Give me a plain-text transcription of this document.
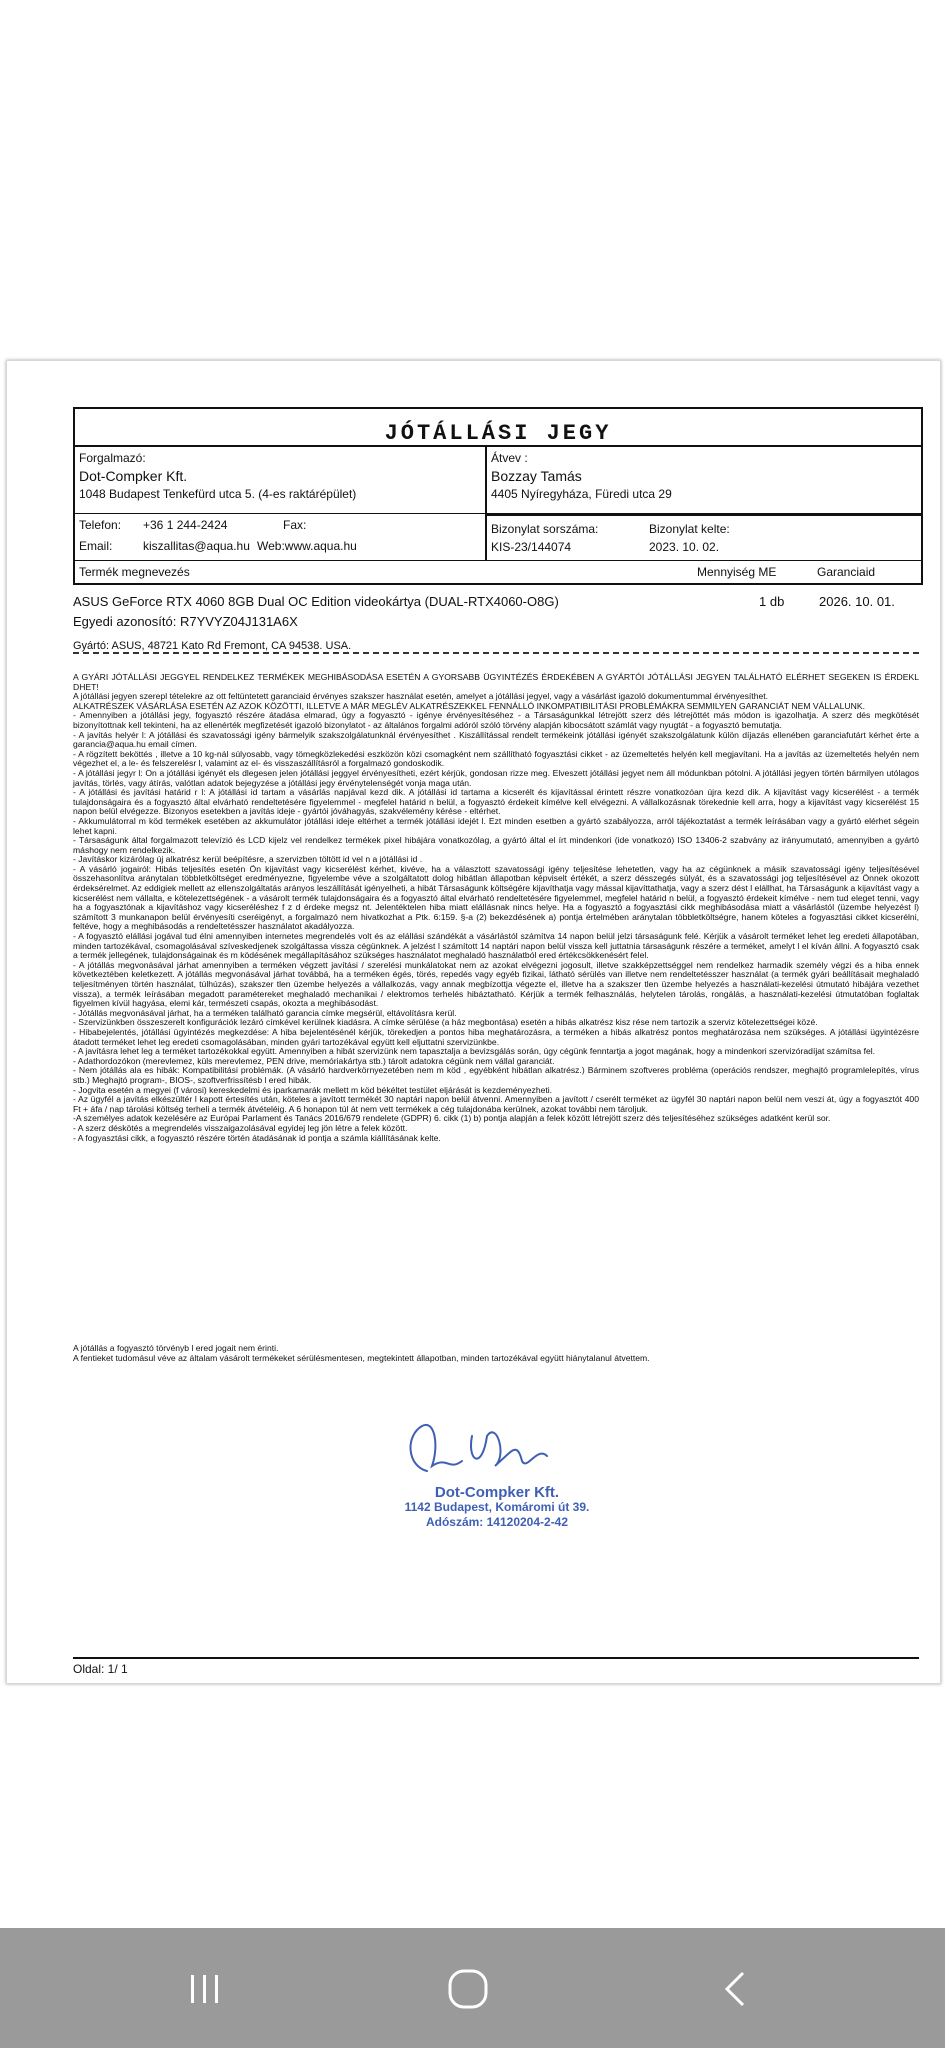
JÓTÁLLÁSI JEGY
Forgalmazó:
Dot-Compker Kft.
1048 Budapest Tenkefürd utca 5. (4-es raktárépület)
Átvev :
Bozzay Tamás
4405 Nyíregyháza, Füredi utca 29
Telefon:	+36 1 244-2424	Fax:
Email:	kiszallitas@aqua.hu Web:www.aqua.hu
Bizonylat sorszáma:
KIS-23/144074
Bizonylat kelte:
2023. 10. 02.
Termék megnevezés	Mennyiség ME	Garanciaid
ASUS GeForce RTX 4060 8GB Dual OC Edition videokártya (DUAL-RTX4060-O8G)	1 db	2026. 10. 01.
Egyedi azonosító: R7YVYZ04J131A6X
Gyártó: ASUS, 48721 Kato Rd Fremont, CA 94538. USA.

A GYÁRI JÓTÁLLÁSI JEGGYEL RENDELKEZ TERMÉKEK MEGHIBÁSODÁSA ESETÉN A GYORSABB ÜGYINTÉZÉS ÉRDEKÉBEN A GYÁRTÓI JÓTÁLLÁSI JEGYEN TALÁLHATÓ ELÉRHET SEGEKEN IS ÉRDEKL DHET!

A jótállási jegyen szerepl tételekre az ott feltüntetett garanciaid érvényes szakszer használat esetén, amelyet a jótállási jegyel, vagy a vásárlást igazoló dokumentummal érvényesíthet.

ALKATRÉSZEK VÁSÁRLÁSA ESETÉN AZ AZOK KÖZÖTTI, ILLETVE A MÁR MEGLÉV ALKATRÉSZEKKEL FENNÁLLÓ INKOMPATIBILITÁSI PROBLÉMÁKRA SEMMILYEN GARANCIÁT NEM VÁLLALUNK.

- Amennyiben a jótállási jegy, fogyasztó részére átadása elmarad, úgy a fogyasztó - igénye érvényesítéséhez - a Társaságunkkal létrejött szerz dés létrejöttét más módon is igazolhatja. A szerz dés megkötését bizonyítottnak kell tekinteni, ha az ellenérték megfizetését igazoló bizonylatot - az általános forgalmi adóról szóló törvény alapján kibocsátott számlát vagy nyugtát - a fogyasztó bemutatja.

- A javítás helyér l: A jótállási és szavatossági igény bármelyik szakszolgálatunknál érvényesíthet . Kiszállítással rendelt termékeink jótállási igényét szakszolgálatunk külön díjazás ellenében garanciafutárt kérhet érte a garancia@aqua.hu email címen.

- A rögzített beköttés , illetve a 10 kg-nál súlyosabb, vagy tömegközlekedési eszközön közi csomagként nem szállítható fogyasztási cikket - az üzemeltetés helyén kell megjavítani. Ha a javítás az üzemeltetés helyén nem végezhet el, a le- és felszerelésr l, valamint az el- és visszaszállításról a forgalmazó gondoskodik.

- A jótállási jegyr l: On a jótállási igényét els dlegesen jelen jótállási jeggyel érvényesítheti, ezért kérjük, gondosan rizze meg. Elveszett jótállási jegyet nem áll módunkban pótolni. A jótállási jegyen történ bármilyen utólagos javítás, törlés, vagy átírás, valótlan adatok bejegyzése a jótállási jegy érvénytelenségét vonja maga után.

- A jótállási és javítási határid r l: A jótállási id tartam a vásárlás napjával kezd dik. A jótállási id tartama a kicserélt és kijavítással érintett részre vonatkozóan újra kezd dik. A kijavítást vagy kicserélést - a termék tulajdonságaira és a fogyasztó által elvárható rendeltetésére figyelemmel - megfelel határid n belül, a fogyasztó érdekeit kímélve kell elvégezni. A vállalkozásnak törekednie kell arra, hogy a kijavítást vagy kicserélést 15 napon belül elvégezze. Bizonyos esetekben a javítás ideje - gyártói jóváhagyás, szakvélemény kérése - eltérhet.

- Akkumulátorral m köd termékek esetében az akkumulátor jótállási ideje eltérhet a termék jótállási idejét l. Ezt minden esetben a gyártó szabályozza, arról tájékoztatást a termék leírásában vagy a gyártó elérhet ségein lehet kapni.

- Társaságunk által forgalmazott televízió és LCD kijelz vel rendelkez termékek pixel hibájára vonatkozólag, a gyártó által el írt mindenkori (ide vonatkozó) ISO 13406-2 szabvány az irányumutató, amennyiben a gyártó máshogy nem rendelkezik.

- Javításkor kizárólag új alkatrész kerül beépítésre, a szervizben töltött id vel n a jótállási id .

- A vásárló jogairól: Hibás teljesítés esetén Ön kijavítást vagy kicserélést kérhet, kivéve, ha a választott szavatossági igény teljesítése lehetetlen, vagy ha az cégünknek a másik szavatossági igény teljesítésével összehasonlítva aránytalan többletköltséget eredményezne, figyelembe véve a szolgáltatott dolog hibátlan állapotban képviselt értékét, a szerz désszegés súlyát, és a szavatossági jog teljesítésével az Önnek okozott érdeksérelmet. Az eddigiek mellett az ellenszolgáltatás arányos leszállítását igényelheti, a hibát Társaságunk költségére kijavíthatja vagy mással kijavíttathatja, vagy a szerz dést l elállhat, ha Társaságunk a kijavítást vagy a kicserélést nem vállalta, e kötelezettségének - a vásárolt termék tulajdonságaira és a fogyasztó által elvárható rendeltetésére figyelemmel, megfelel határid n belül, a fogyasztó érdekeit kímélve - nem tud eleget tenni, vagy ha a fogyasztónak a kijavításhoz vagy kicseréléshez f z d érdeke megsz nt. Jelentéktelen hiba miatt elállásnak nincs helye. Ha a fogyasztó a fogyasztási cikk meghibásodása miatt a vásárlástól (üzembe helyezést l) számított 3 munkanapon belül érvényesíti cseréigényt, a forgalmazó nem hivatkozhat a Ptk. 6:159. §-a (2) bekezdésének a) pontja értelmében aránytalan többletköltségre, hanem köteles a fogyasztási cikket kicserélni, feltéve, hogy a meghibásodás a rendeltetésszer használatot akadályozza.

- A fogyasztó elállási jogával tud élni amennyiben internetes megrendelés volt és az elállási szándékát a vásárlástól számítva 14 napon belül jelzi társaságunk felé. Kérjük a vásárolt terméket lehet leg eredeti állapotában, minden tartozékával, csomagolásával szíveskedjenek szolgáltassa vissza cégünknek. A jelzést l számított 14 naptári napon belül vissza kell juttatnia társaságunk részére a terméket, amelyt l el kíván állni. A fogyasztó csak a termék jellegének, tulajdonságainak és m ködésének megállapításához szükséges használatot meghaladó használatból ered értékcsökkenésért felel.

- A jótállás megvonásával járhat amennyiben a terméken végzett javítási / szerelési munkálatokat nem az azokat elvégezni jogosult, illetve szakképzettséggel nem rendelkez harmadik személy végzi és a hiba ennek következtében keletkezett. A jótállás megvonásával járhat továbbá, ha a terméken égés, törés, repedés vagy egyéb fizikai, látható sérülés van illetve nem rendeltetésszer használat (a termék gyári beállításait meghaladó teljesítményen történ használat, túlhúzás), szakszer tlen üzembe helyezés a vállalkozás, vagy annak megbízottja végezte el, illetve ha a szakszer tlen üzembe helyezés a használati-kezelési útmutató hibájára vezethet vissza), a termék leírásában megadott paramétereket meghaladó mechanikai / elektromos terhelés hibáztatható. Kérjük a termék felhasználás, helyteIen tárolás, rongálás, a használati-kezelési útmutatóban foglaltak figyelmen kívül hagyása, elemi kár, természeti csapás, okozta a meghibásodást.

- Jótállás megvonásával járhat, ha a terméken található garancia címke megsérül, eltávolításra kerül.

- Szervizünkben összeszerelt konfigurációk lezáró címkével kerülnek kiadásra. A címke sérülése (a ház megbontása) esetén a hibás alkatrész kisz rése nem tartozik a szerviz kötelezettségei közé.

- Hibabejelentés, jótállási ügyintézés megkezdése: A hiba bejelentésénél kérjük, törekedjen a pontos hiba meghatározásra, a terméken a hibás alkatrész pontos meghatározása nem szükséges. A jótállási ügyintézésre átadott terméket lehet leg eredeti csomagolásában, minden gyári tartozékával együtt kell eljuttatni szervizünkbe.

- A javításra lehet leg a terméket tartozékokkal együtt. Amennyiben a hibát szervizünk nem tapasztalja a bevizsgálás során, úgy cégünk fenntartja a jogot magának, hogy a mindenkori szervizóradíjat számítsa fel.

- Adathordozókon (merevlemez, küls merevlemez, PEN drive, memóriakártya stb.) tárolt adatokra cégünk nem vállal garanciát.

- Nem jótállás ala es hibák: Kompatibilitási problémák. (A vásárló hardverkörnyezetében nem m köd , egyébként hibátlan alkatrész.) Bárminem szoftveres probléma (operációs rendszer, meghajtó programlelepítés, vírus stb.) Meghajtó program-, BIOS-, szoftverfrissítésb l ered hibák.

- Jogvita esetén a megyei (f városi) kereskedelmi és iparkamarák mellett m köd békéltet testület eljárását is kezdeményezheti.

- Az ügyfél a javítás elkészültér l kapott értesítés után, köteles a javított termékét 30 naptári napon belül átvenni. Amennyiben a javított / cserélt terméket az ügyfél 30 naptári napon belül nem veszi át, úgy a fogyasztót 400 Ft + áfa / nap tárolási költség terheli a termék átvételéig. A 6 honapon túl át nem vett termékek a cég tulajdonába kerülnek, azokat további nem tároljuk.

-A személyes adatok kezelésére az Európai Parlament és Tanács 2016/679 rendelete (GDPR) 6. cikk (1) b) pontja alapján a felek között létrejött szerz dés teljesítéséhez szükséges adatként kerül sor.

- A szerz déskötés a megrendelés visszaigazolásával egyidej leg jön létre a felek között.

- A fogyasztási cikk, a fogyasztó részére történ átadásának id pontja a számla kiállításának kelte.

A jótállás a fogyasztó törvényb l ered jogait nem érinti.
A fentieket tudomásul véve az általam vásárolt termékeket sérülésmentesen, megtekintett állapotban, minden tartozékával együtt hiánytalanul átvettem.
Dot-Compker Kft.
1142 Budapest, Komáromi út 39.
Adószám: 14120204-2-42
Oldal: 1/ 1
